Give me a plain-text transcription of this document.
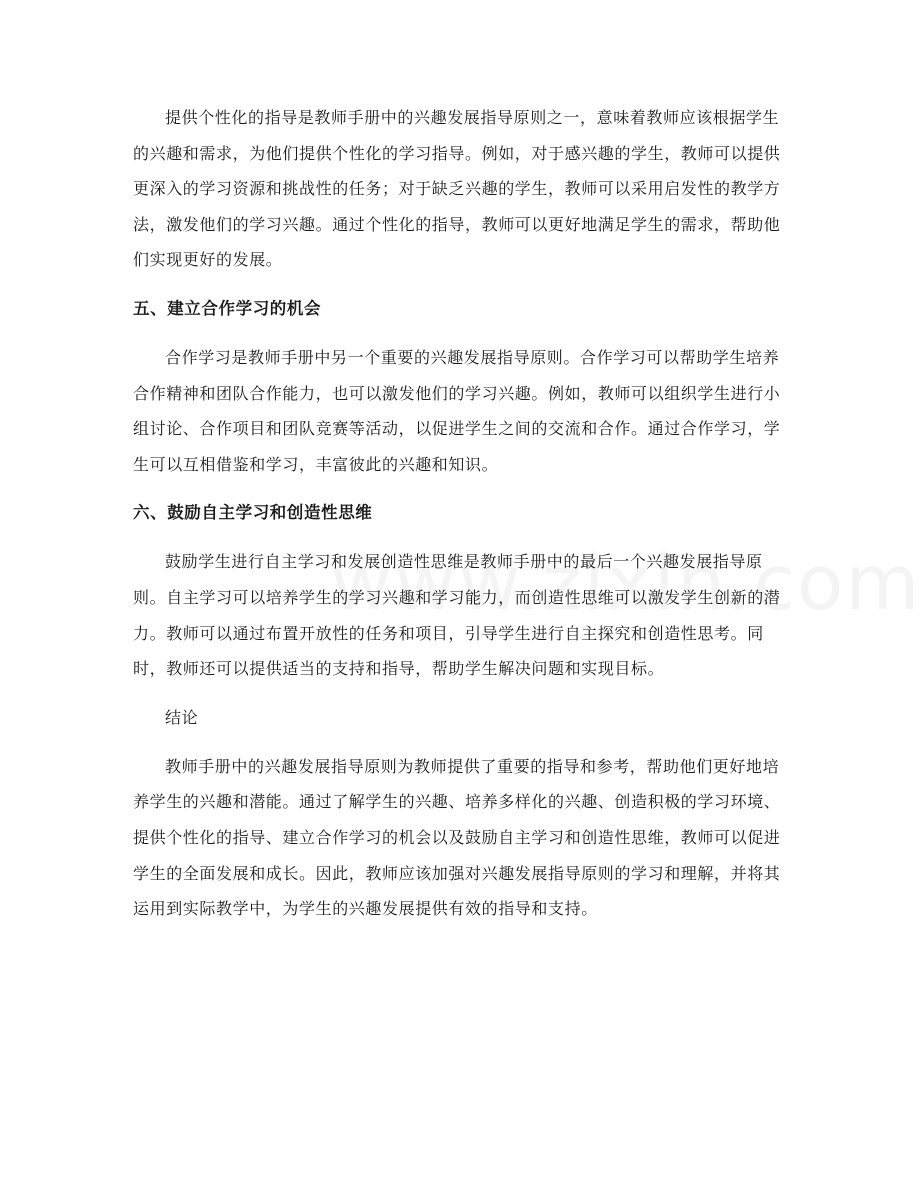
提供个性化的指导是教师手册中的兴趣发展指导原则之一，意味着教师应该根据学生的兴趣和需求，为他们提供个性化的学习指导。例如，对于感兴趣的学生，教师可以提供更深入的学习资源和挑战性的任务；对于缺乏兴趣的学生，教师可以采用启发性的教学方法，激发他们的学习兴趣。通过个性化的指导，教师可以更好地满足学生的需求，帮助他们实现更好的发展。

五、建立合作学习的机会

合作学习是教师手册中另一个重要的兴趣发展指导原则。合作学习可以帮助学生培养合作精神和团队合作能力，也可以激发他们的学习兴趣。例如，教师可以组织学生进行小组讨论、合作项目和团队竞赛等活动，以促进学生之间的交流和合作。通过合作学习，学生可以互相借鉴和学习，丰富彼此的兴趣和知识。

六、鼓励自主学习和创造性思维

鼓励学生进行自主学习和发展创造性思维是教师手册中的最后一个兴趣发展指导原则。自主学习可以培养学生的学习兴趣和学习能力，而创造性思维可以激发学生创新的潜力。教师可以通过布置开放性的任务和项目，引导学生进行自主探究和创造性思考。同时，教师还可以提供适当的支持和指导，帮助学生解决问题和实现目标。

结论

教师手册中的兴趣发展指导原则为教师提供了重要的指导和参考，帮助他们更好地培养学生的兴趣和潜能。通过了解学生的兴趣、培养多样化的兴趣、创造积极的学习环境、提供个性化的指导、建立合作学习的机会以及鼓励自主学习和创造性思维，教师可以促进学生的全面发展和成长。因此，教师应该加强对兴趣发展指导原则的学习和理解，并将其运用到实际教学中，为学生的兴趣发展提供有效的指导和支持。
